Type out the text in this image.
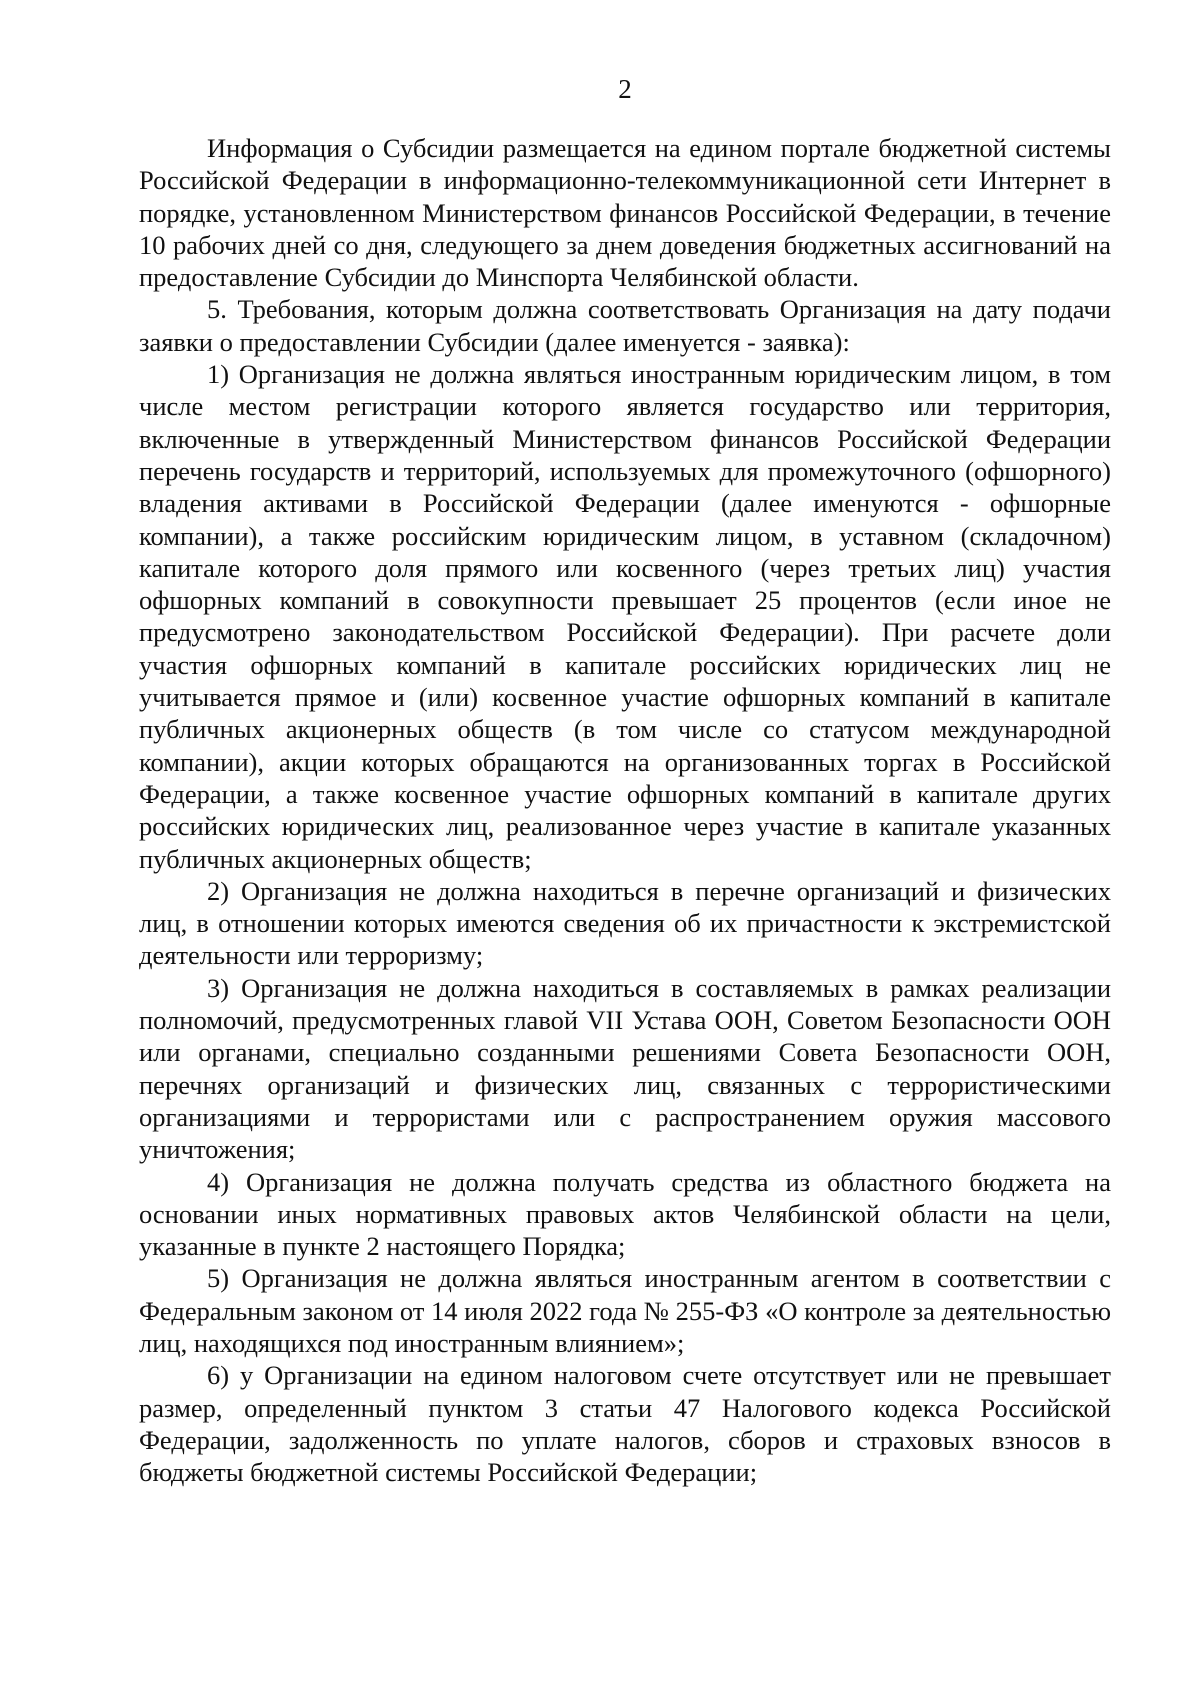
2

Информация о Субсидии размещается на едином портале бюджетной системы Российской Федерации в информационно-телекоммуникационной сети Интернет в порядке, установленном Министерством финансов Российской Федерации, в течение 10 рабочих дней со дня, следующего за днем доведения бюджетных ассигнований на предоставление Субсидии до Минспорта Челябинской области.

5. Требования, которым должна соответствовать Организация на дату подачи заявки о предоставлении Субсидии (далее именуется - заявка):

1) Организация не должна являться иностранным юридическим лицом, в том числе местом регистрации которого является государство или территория, включенные в утвержденный Министерством финансов Российской Федерации перечень государств и территорий, используемых для промежуточного (офшорного) владения активами в Российской Федерации (далее именуются - офшорные компании), а также российским юридическим лицом, в уставном (складочном) капитале которого доля прямого или косвенного (через третьих лиц) участия офшорных компаний в совокупности превышает 25 процентов (если иное не предусмотрено законодательством Российской Федерации). При расчете доли участия офшорных компаний в капитале российских юридических лиц не учитывается прямое и (или) косвенное участие офшорных компаний в капитале публичных акционерных обществ (в том числе со статусом международной компании), акции которых обращаются на организованных торгах в Российской Федерации, а также косвенное участие офшорных компаний в капитале других российских юридических лиц, реализованное через участие в капитале указанных публичных акционерных обществ;

2) Организация не должна находиться в перечне организаций и физических лиц, в отношении которых имеются сведения об их причастности к экстремистской деятельности или терроризму;

3) Организация не должна находиться в составляемых в рамках реализации полномочий, предусмотренных главой VII Устава ООН, Советом Безопасности ООН или органами, специально созданными решениями Совета Безопасности ООН, перечнях организаций и физических лиц, связанных с террористическими организациями и террористами или с распространением оружия массового уничтожения;

4) Организация не должна получать средства из областного бюджета на основании иных нормативных правовых актов Челябинской области на цели, указанные в пункте 2 настоящего Порядка;

5) Организация не должна являться иностранным агентом в соответствии с Федеральным законом от 14 июля 2022 года № 255-ФЗ «О контроле за деятельностью лиц, находящихся под иностранным влиянием»;

6) у Организации на едином налоговом счете отсутствует или не превышает размер, определенный пунктом 3 статьи 47 Налогового кодекса Российской Федерации, задолженность по уплате налогов, сборов и страховых взносов в бюджеты бюджетной системы Российской Федерации;
